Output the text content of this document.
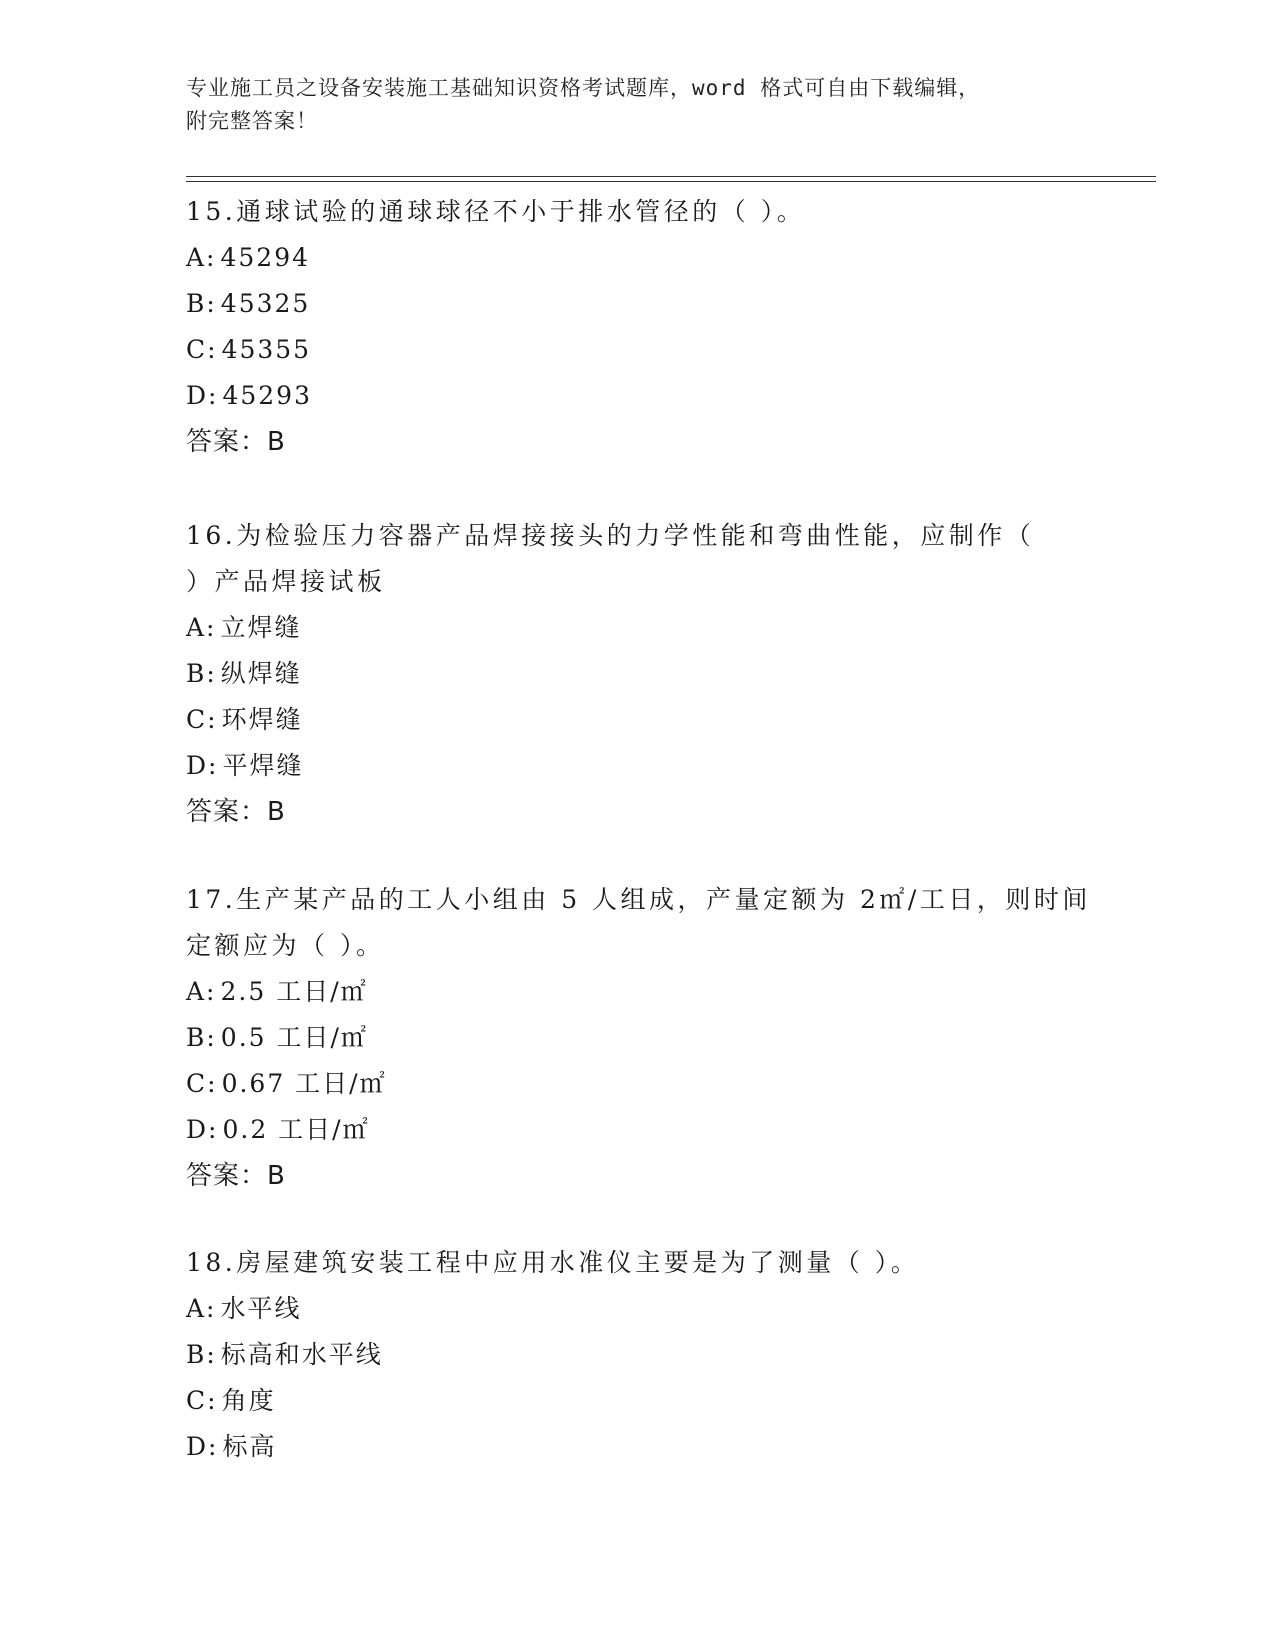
专业施工员之设备安装施工基础知识资格考试题库，word 格式可自由下载编辑，
附完整答案！
15.通球试验的通球球径不小于排水管径的（ ）。
A: 45294
B: 45325
C: 45355
D: 45293
答案：B
16.为检验压力容器产品焊接接头的力学性能和弯曲性能，应制作（
）产品焊接试板
A: 立焊缝
B: 纵焊缝
C: 环焊缝
D: 平焊缝
答案：B
17.生产某产品的工人小组由 5 人组成，产量定额为 2㎡/工日，则时间
定额应为（ ）。
A: 2.5 工日/㎡
B: 0.5 工日/㎡
C: 0.67 工日/㎡
D: 0.2 工日/㎡
答案：B
18.房屋建筑安装工程中应用水准仪主要是为了测量（ ）。
A: 水平线
B: 标高和水平线
C: 角度
D: 标高
